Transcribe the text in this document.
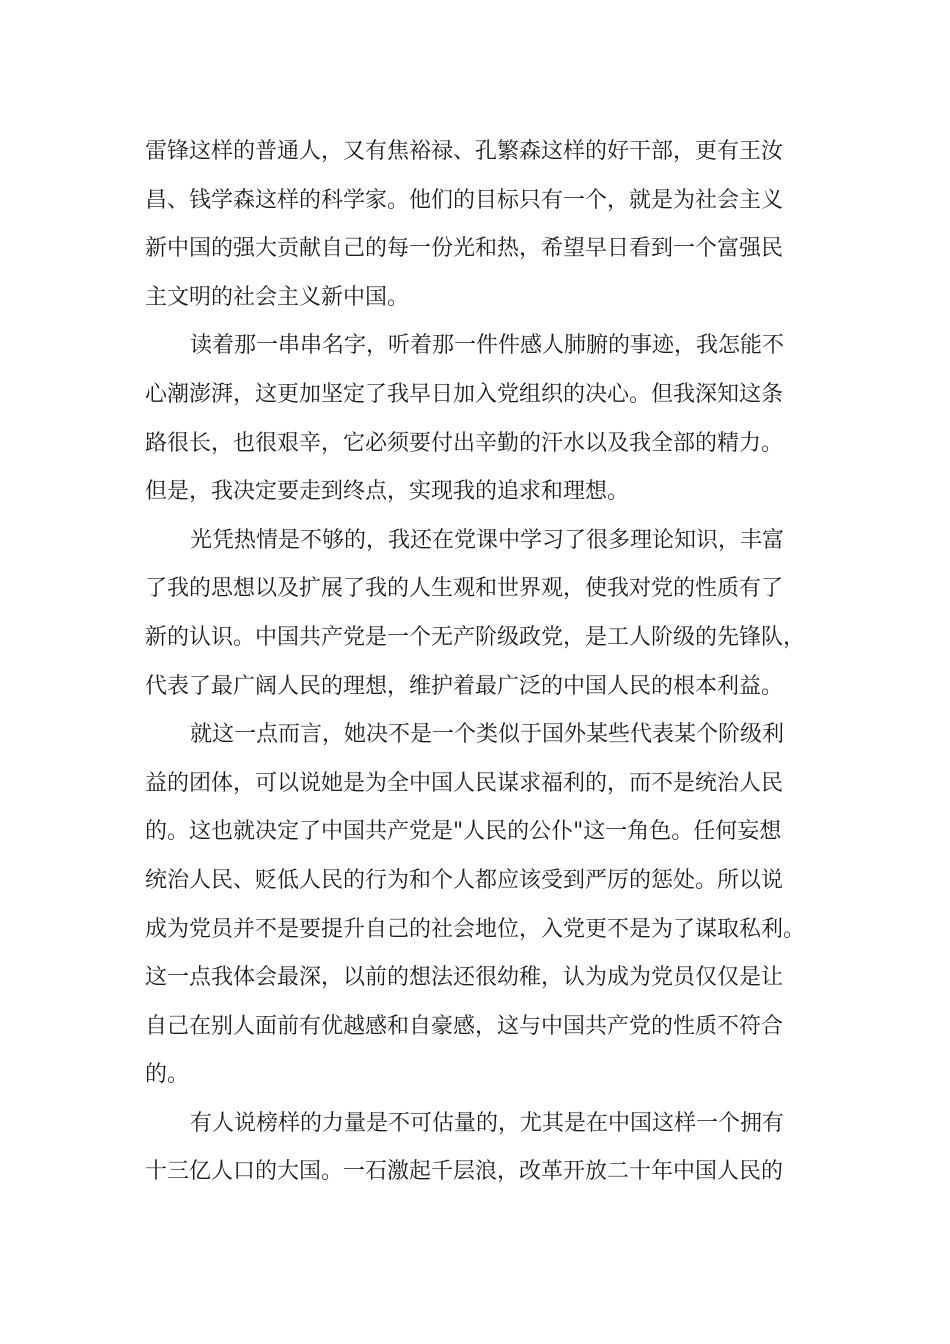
雷锋这样的普通人，又有焦裕禄、孔繁森这样的好干部，更有王汝
昌、钱学森这样的科学家。他们的目标只有一个，就是为社会主义
新中国的强大贡献自己的每一份光和热，希望早日看到一个富强民
主文明的社会主义新中国。
读着那一串串名字，听着那一件件感人肺腑的事迹，我怎能不
心潮澎湃，这更加坚定了我早日加入党组织的决心。但我深知这条
路很长，也很艰辛，它必须要付出辛勤的汗水以及我全部的精力。
但是，我决定要走到终点，实现我的追求和理想。
光凭热情是不够的，我还在党课中学习了很多理论知识，丰富
了我的思想以及扩展了我的人生观和世界观，使我对党的性质有了
新的认识。中国共产党是一个无产阶级政党，是工人阶级的先锋队，
代表了最广阔人民的理想，维护着最广泛的中国人民的根本利益。
就这一点而言，她决不是一个类似于国外某些代表某个阶级利
益的团体，可以说她是为全中国人民谋求福利的，而不是统治人民
的。这也就决定了中国共产党是"人民的公仆"这一角色。任何妄想
统治人民、贬低人民的行为和个人都应该受到严厉的惩处。所以说
成为党员并不是要提升自己的社会地位，入党更不是为了谋取私利。
这一点我体会最深，以前的想法还很幼稚，认为成为党员仅仅是让
自己在别人面前有优越感和自豪感，这与中国共产党的性质不符合
的。
有人说榜样的力量是不可估量的，尤其是在中国这样一个拥有
十三亿人口的大国。一石激起千层浪，改革开放二十年中国人民的
